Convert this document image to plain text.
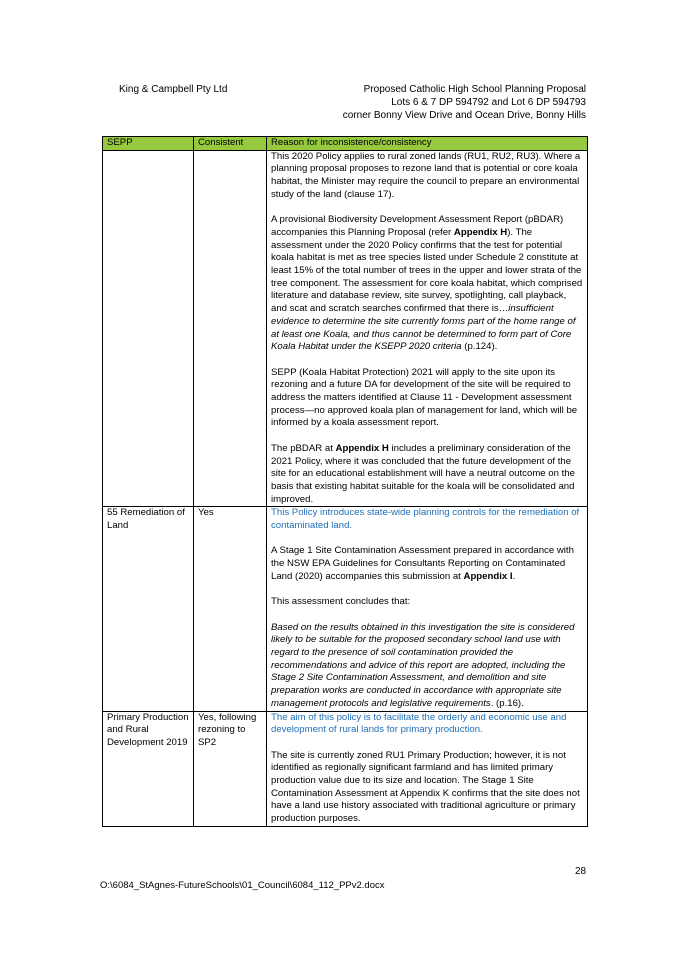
King & Campbell Pty Ltd	Proposed Catholic High School Planning Proposal
Lots 6 & 7 DP 594792 and Lot 6 DP 594793
corner Bonny View Drive and Ocean Drive, Bonny Hills
SEPP	Consistent	Reason for inconsistence/consistency

		This 2020 Policy applies to rural zoned lands (RU1, RU2, RU3). Where a planning proposal proposes to rezone land that is potential or core koala habitat, the Minister may require the council to prepare an environmental study of the land (clause 17).

A provisional Biodiversity Development Assessment Report (pBDAR) accompanies this Planning Proposal (refer Appendix H). The assessment under the 2020 Policy confirms that the test for potential koala habitat is met as tree species listed under Schedule 2 constitute at least 15% of the total number of trees in the upper and lower strata of the tree component. The assessment for core koala habitat, which comprised literature and database review, site survey, spotlighting, call playback, and scat and scratch searches confirmed that there is…insufficient evidence to determine the site currently forms part of the home range of at least one Koala, and thus cannot be determined to form part of Core Koala Habitat under the KSEPP 2020 criteria (p.124).

SEPP (Koala Habitat Protection) 2021 will apply to the site upon its rezoning and a future DA for development of the site will be required to address the matters identified at Clause 11 - Development assessment process—no approved koala plan of management for land, which will be informed by a koala assessment report.

The pBDAR at Appendix H includes a preliminary consideration of the 2021 Policy, where it was concluded that the future development of the site for an educational establishment will have a neutral outcome on the basis that existing habitat suitable for the koala will be consolidated and improved.

55 Remediation of Land	Yes	This Policy introduces state-wide planning controls for the remediation of contaminated land.

A Stage 1 Site Contamination Assessment prepared in accordance with the NSW EPA Guidelines for Consultants Reporting on Contaminated Land (2020) accompanies this submission at Appendix I.

This assessment concludes that:

Based on the results obtained in this investigation the site is considered likely to be suitable for the proposed secondary school land use with regard to the presence of soil contamination provided the recommendations and advice of this report are adopted, including the Stage 2 Site Contamination Assessment, and demolition and site preparation works are conducted in accordance with appropriate site management protocols and legislative requirements. (p.16).

Primary Production and Rural Development 2019	Yes, following rezoning to SP2	The aim of this policy is to facilitate the orderly and economic use and development of rural lands for primary production.

The site is currently zoned RU1 Primary Production; however, it is not identified as regionally significant farmland and has limited primary production value due to its size and location. The Stage 1 Site Contamination Assessment at Appendix K confirms that the site does not have a land use history associated with traditional agriculture or primary production purposes.

28
O:\6084_StAgnes-FutureSchools\01_Council\6084_112_PPv2.docx
